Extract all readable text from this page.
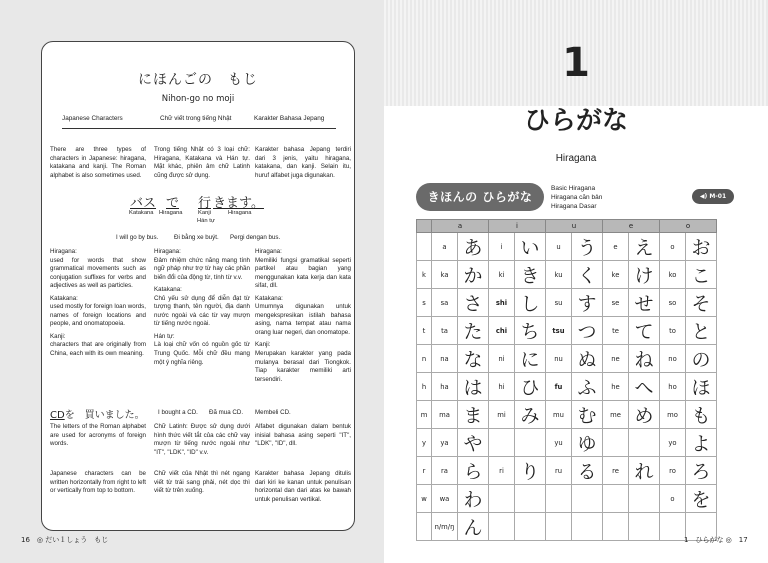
にほんごの　もじ
Nihon-go no moji
Japanese Characters	Chữ viết trong tiếng Nhật	Karakter Bahasa Jepang
There are three types of characters in Japanese: hiragana, katakana and kanji. The Roman alphabet is also sometimes used.
Trong tiếng Nhật có 3 loại chữ: Hiragana, Katakana và Hán tự. Mặt khác, phiên âm chữ Latinh cũng được sử dụng.
Karakter bahasa Jepang terdiri dari 3 jenis, yaitu hiragana, katakana, dan kanji. Selain itu, huruf alfabet juga digunakan.
バス で 行 きます。
Katakana Hiragana	Kanji
Hán tự
Hiragana
I will go by bus.	Đi bằng xe buýt. Pergi dengan bus.
Hiragana:
used for words that show grammatical movements such as conjugation suffixes for verbs and adjectives as well as particles.
Katakana:
used mostly for foreign loan words, names of foreign locations and people, and onomatopoeia.
Kanji:
characters that are originally from China, each with its own meaning.
Hiragana:
Đảm nhiệm chức năng mang tính ngữ pháp như trợ từ hay các phần biến đổi của động từ, tính từ v.v.
Katakana:
Chủ yếu sử dụng để diễn đạt từ tượng thanh, tên người, địa danh nước ngoài và các từ vay mượn từ tiếng nước ngoài.
Hán tự:
Là loại chữ vốn có nguồn gốc từ Trung Quốc. Mỗi chữ đều mang một ý nghĩa riêng.
Hiragana:
Memiliki fungsi gramatikal seperti partikel atau bagian yang menggunakan kata kerja dan kata sifat, dll.
Katakana:
Umumnya digunakan untuk mengekspresikan istilah bahasa asing, nama tempat atau nama orang luar negeri, dan onomatope.
Kanji:
Merupakan karakter yang pada mulanya berasal dari Tiongkok. Tiap karakter memiliki arti tersendiri.
CDを　買いました。 I bought a CD. Đã mua CD. Membeli CD.
The letters of the Roman alphabet are used for acronyms of foreign words.
Chữ Latinh: Được sử dụng dưới hình thức viết tắt của các chữ vay mượn từ tiếng nước ngoài như "IT", "LDK", "ID" v.v.
Alfabet digunakan dalam bentuk inisial bahasa asing seperti "IT", "LDK", "ID", dll.
Japanese characters can be written horizontally from right to left or vertically from top to bottom.
Chữ viết của Nhật thì nét ngang viết từ trái sang phải, nét dọc thì viết từ trên xuống.
Karakter bahasa Jepang ditulis dari kiri ke kanan untuk penulisan horizontal dan dari atas ke bawah untuk penulisan vertikal.
16　◎ だい１しょう　もじ
1
ひらがな
Hiragana
きほんの ひらがな
Basic Hiragana
Hiragana căn bản
Hiragana Dasar
◀) M-01
	a		i		u		e		o	
	a	あ	i	い	u	う	e	え	o	お
k	ka	か	ki	き	ku	く	ke	け	ko	こ
s	sa	さ	shi	し	su	す	se	せ	so	そ
t	ta	た	chi	ち	tsu	つ	te	て	to	と
n	na	な	ni	に	nu	ぬ	ne	ね	no	の
h	ha	は	hi	ひ	fu	ふ	he	へ	ho	ほ
m	ma	ま	mi	み	mu	む	me	め	mo	も
y	ya	や			yu	ゆ			yo	よ
r	ra	ら	ri	り	ru	る	re	れ	ro	ろ
w	wa	わ							o	を
	n/m/ŋ	ん								
1　ひらがな ◎　17
